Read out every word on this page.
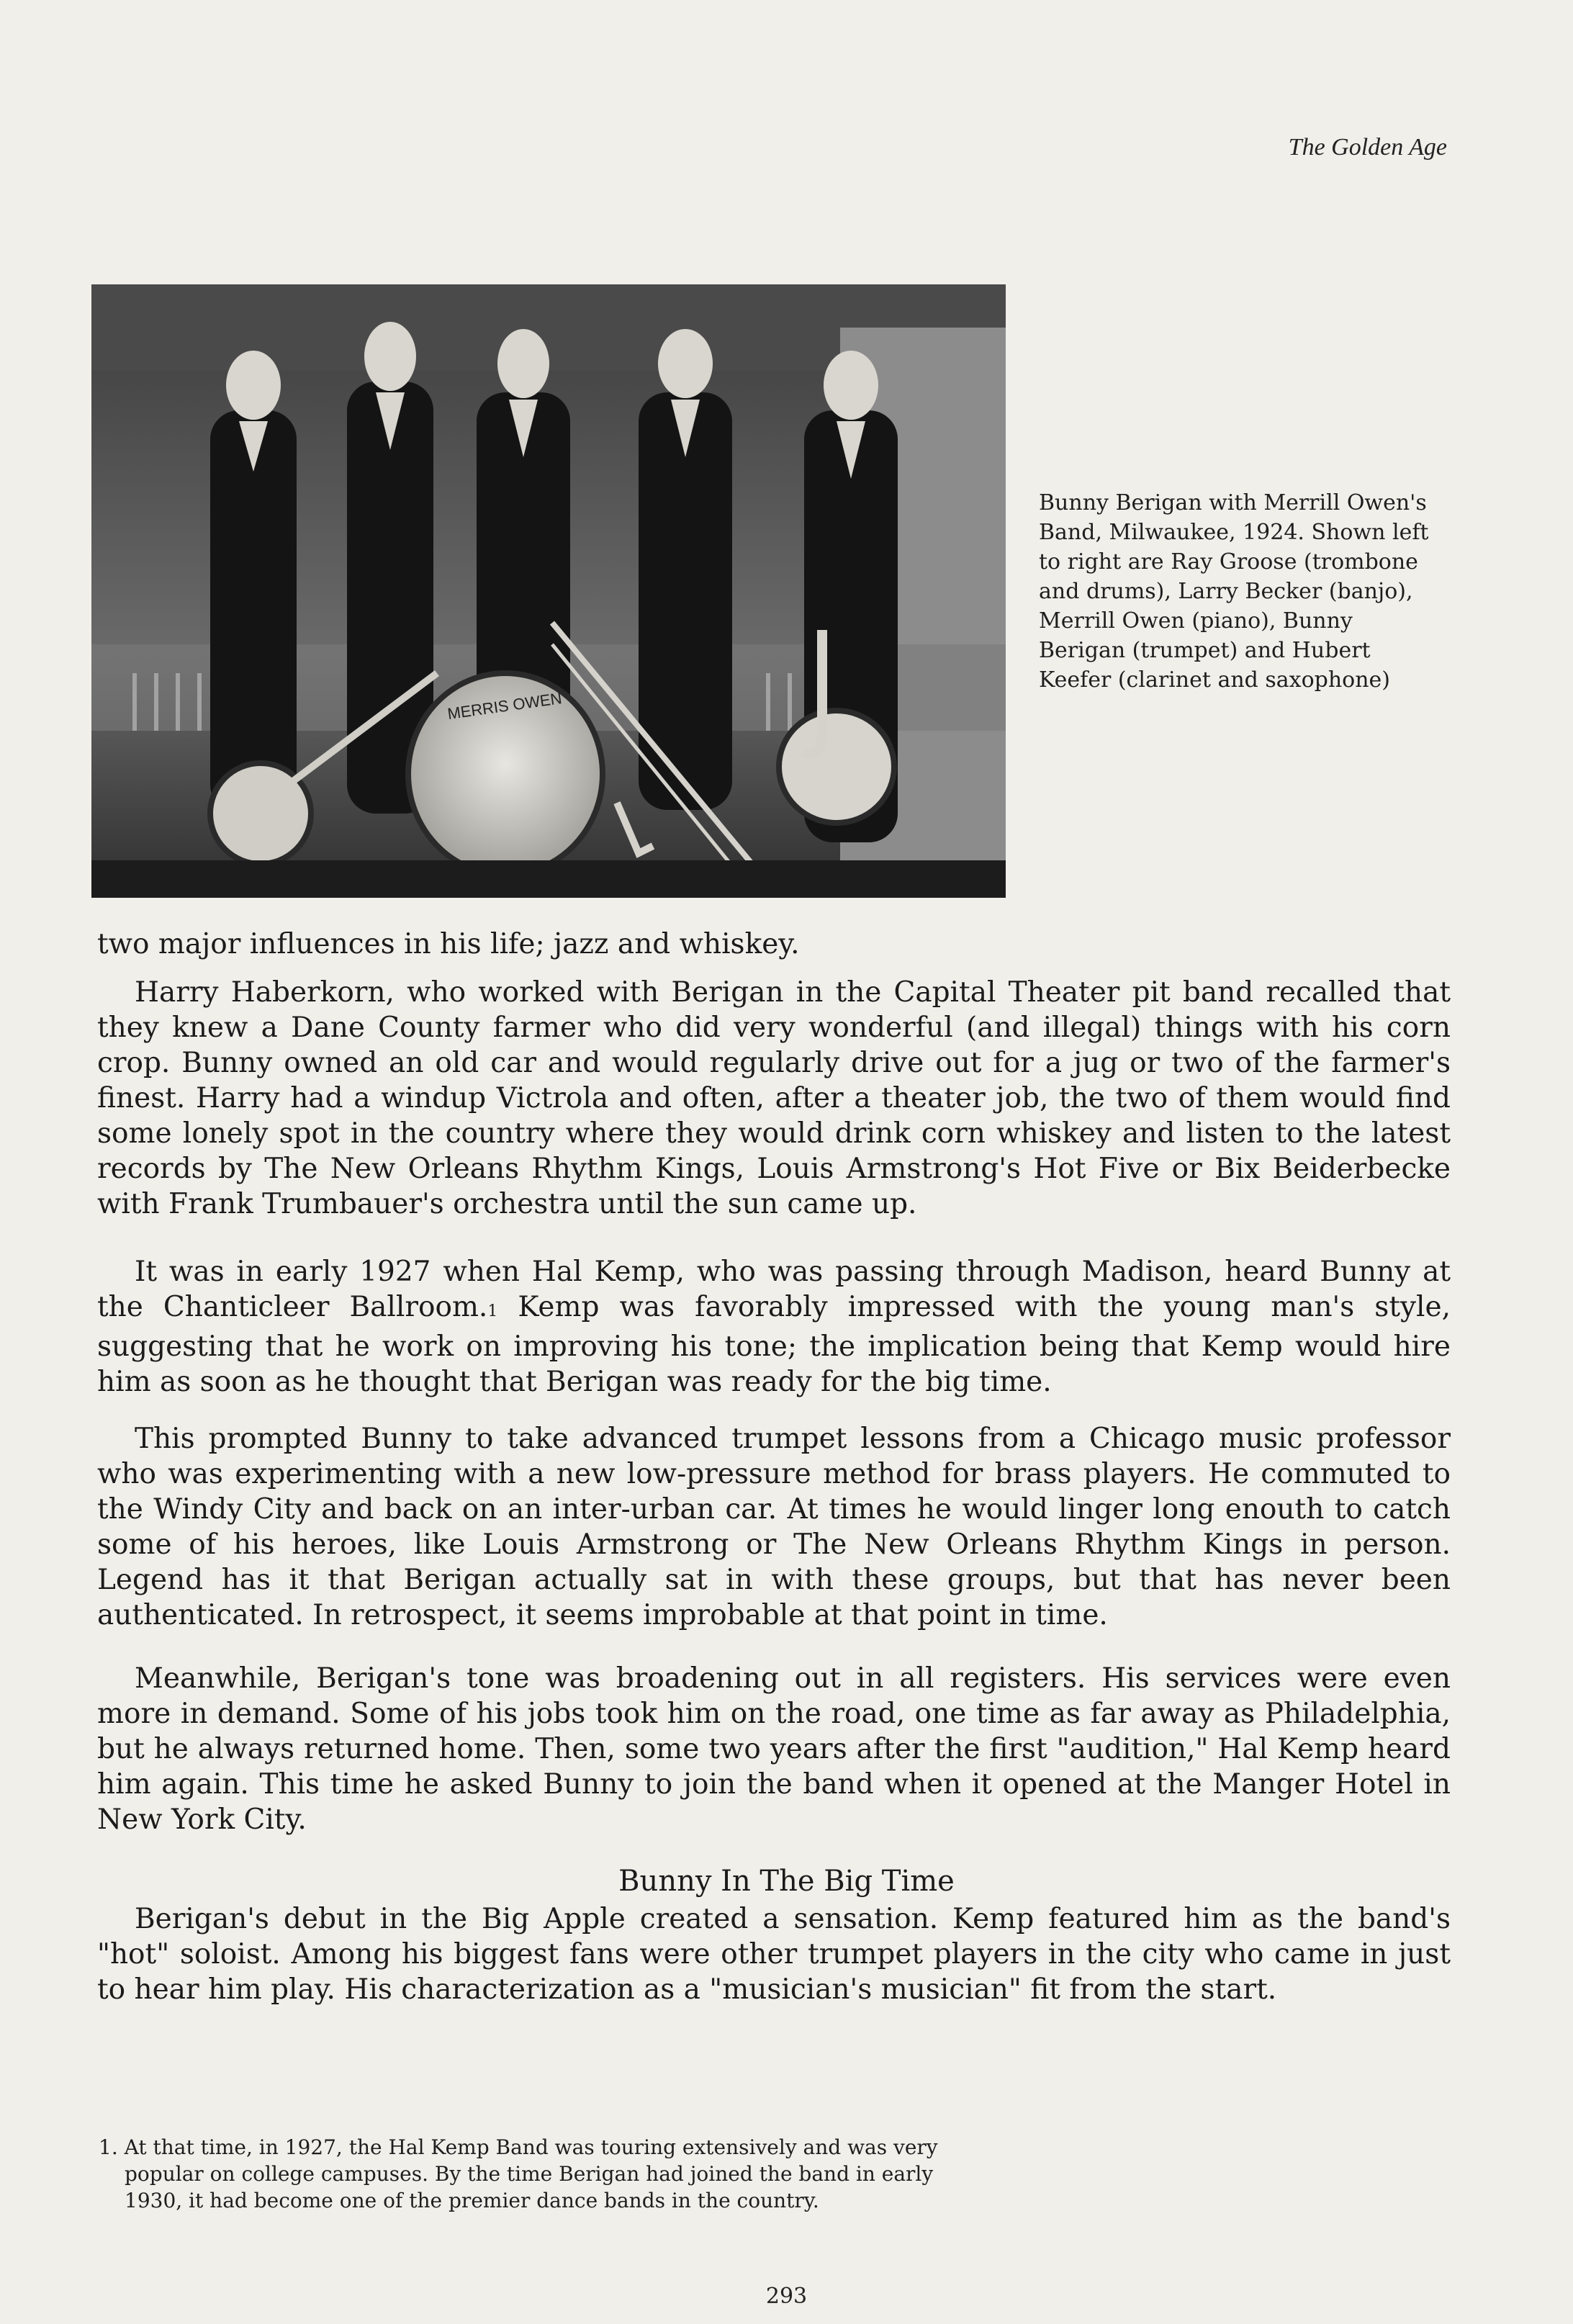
The Golden Age
MERRIS OWEN
Bunny Berigan with Merrill Owen's Band, Milwaukee, 1924. Shown left to right are Ray Groose (trombone and drums), Larry Becker (banjo), Merrill Owen (piano), Bunny Berigan (trumpet) and Hubert Keefer (clarinet and saxophone)

two major influences in his life; jazz and whiskey.

Harry Haberkorn, who worked with Berigan in the Capital Theater pit band recalled that they knew a Dane County farmer who did very wonderful (and illegal) things with his corn crop. Bunny owned an old car and would regularly drive out for a jug or two of the farmer's finest. Harry had a windup Victrola and often, after a theater job, the two of them would find some lonely spot in the country where they would drink corn whiskey and listen to the latest records by The New Orleans Rhythm Kings, Louis Armstrong's Hot Five or Bix Beiderbecke with Frank Trumbauer's orchestra until the sun came up.

It was in early 1927 when Hal Kemp, who was passing through Madison, heard Bunny at the Chanticleer Ballroom.1 Kemp was favorably impressed with the young man's style, suggesting that he work on improving his tone; the implication being that Kemp would hire him as soon as he thought that Berigan was ready for the big time.

This prompted Bunny to take advanced trumpet lessons from a Chicago music professor who was experimenting with a new low-pressure method for brass players. He commuted to the Windy City and back on an inter-urban car. At times he would linger long enouth to catch some of his heroes, like Louis Armstrong or The New Orleans Rhythm Kings in person. Legend has it that Berigan actually sat in with these groups, but that has never been authenticated. In retrospect, it seems improbable at that point in time.

Meanwhile, Berigan's tone was broadening out in all registers. His services were even more in demand. Some of his jobs took him on the road, one time as far away as Philadelphia, but he always returned home. Then, some two years after the first "audition," Hal Kemp heard him again. This time he asked Bunny to join the band when it opened at the Manger Hotel in New York City.

Bunny In The Big Time

Berigan's debut in the Big Apple created a sensation. Kemp featured him as the band's "hot" soloist. Among his biggest fans were other trumpet players in the city who came in just to hear him play. His characterization as a "musician's musician" fit from the start.

1. At that time, in 1927, the Hal Kemp Band was touring extensively and was very

popular on college campuses. By the time Berigan had joined the band in early
1930, it had become one of the premier dance bands in the country.
293
